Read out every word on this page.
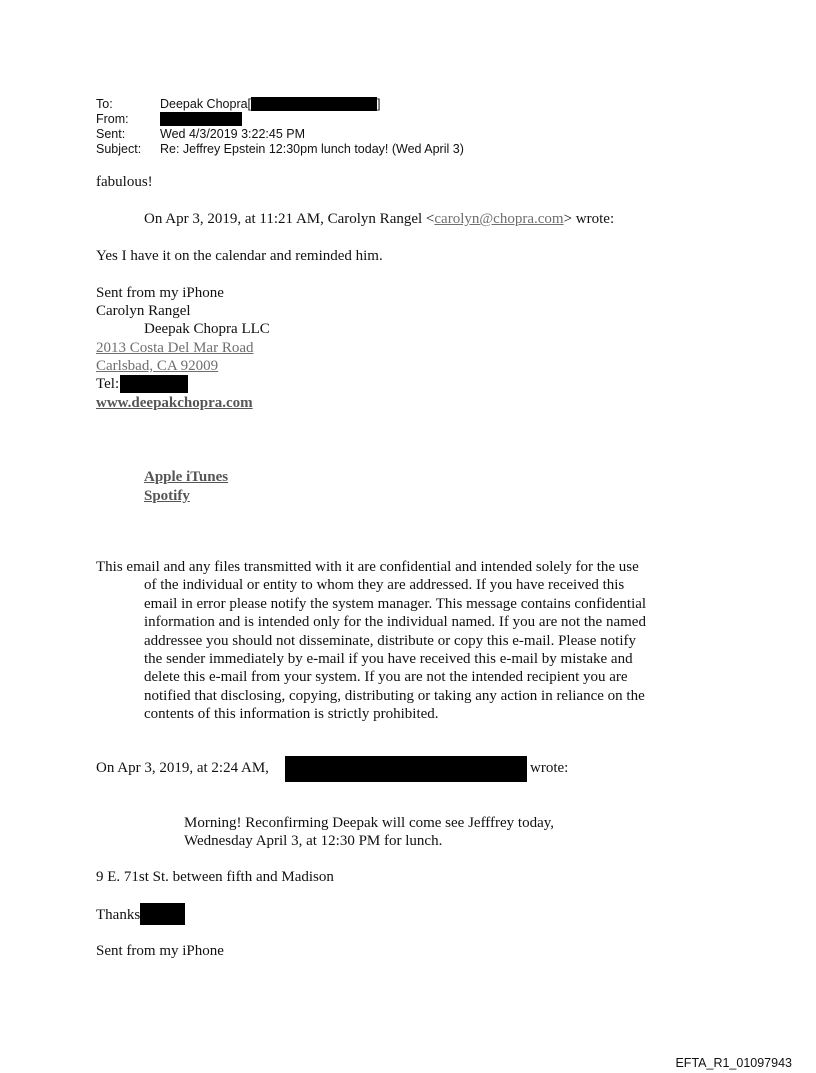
To:	Deepak Chopra[	]
From:
Sent:	Wed 4/3/2019 3:22:45 PM
Subject: Re: Jeffrey Epstein 12:30pm lunch today! (Wed April 3)
fabulous!
On Apr 3, 2019, at 11:21 AM, Carolyn Rangel <carolyn@chopra.com> wrote:
Yes I have it on the calendar and reminded him.
Sent from my iPhone
Carolyn Rangel
Deepak Chopra LLC
2013 Costa Del Mar Road
Carlsbad, CA 92009
Tel:
www.deepakchopra.com
Apple iTunes
Spotify
This email and any files transmitted with it are confidential and intended solely for the use
of the individual or entity to whom they are addressed. If you have received this
email in error please notify the system manager. This message contains confidential
information and is intended only for the individual named. If you are not the named
addressee you should not disseminate, distribute or copy this e-mail. Please notify
the sender immediately by e-mail if you have received this e-mail by mistake and
delete this e-mail from your system. If you are not the intended recipient you are
notified that disclosing, copying, distributing or taking any action in reliance on the
contents of this information is strictly prohibited.
On Apr 3, 2019, at 2:24 AM,	wrote:
Morning! Reconfirming Deepak will come see Jefffrey today,
Wednesday April 3, at 12:30 PM for lunch.
9 E. 71st St. between fifth and Madison
Thanks
Sent from my iPhone
EFTA_R1_01097943
